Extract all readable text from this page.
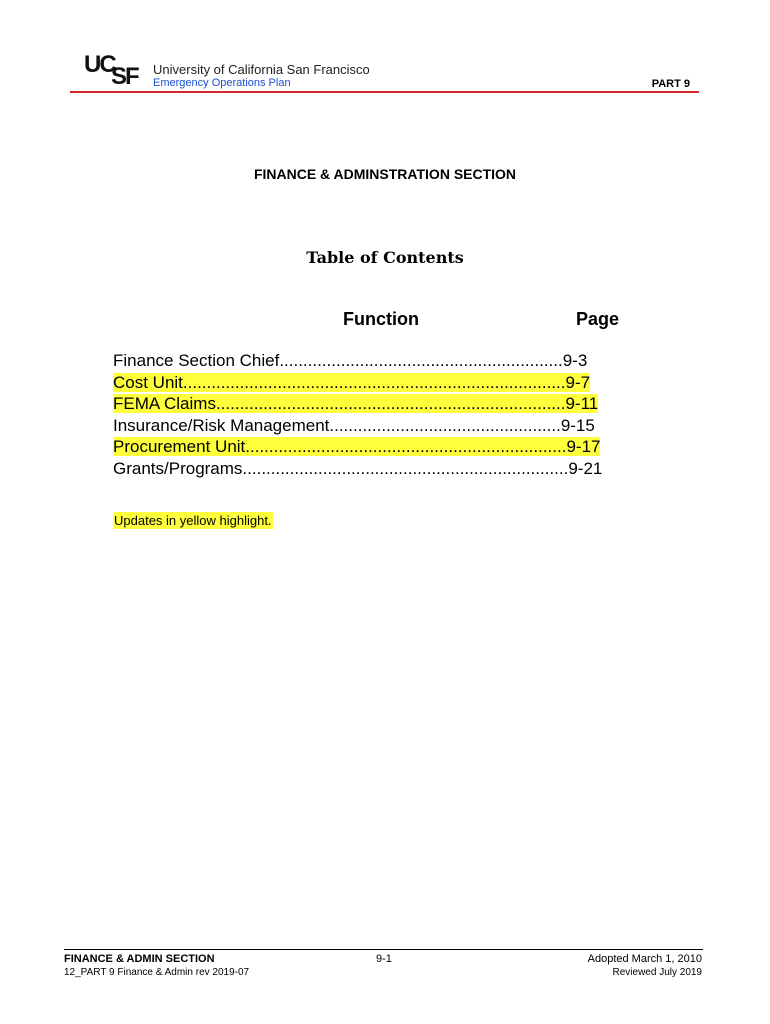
UC
SF University of California San Francisco
Emergency Operations Plan	PART 9
FINANCE & ADMINSTRATION SECTION
Table of Contents
Function	Page
Finance Section Chief............................................................9-3
Cost Unit.................................................................................9-7
FEMA Claims..........................................................................9-11
Insurance/Risk Management.................................................9-15
Procurement Unit....................................................................9-17
Grants/Programs.....................................................................9-21
Updates in yellow highlight.
FINANCE & ADMIN SECTION
12_PART 9 Finance & Admin rev 2019-07
9-1	Adopted March 1, 2010
Reviewed July 2019
